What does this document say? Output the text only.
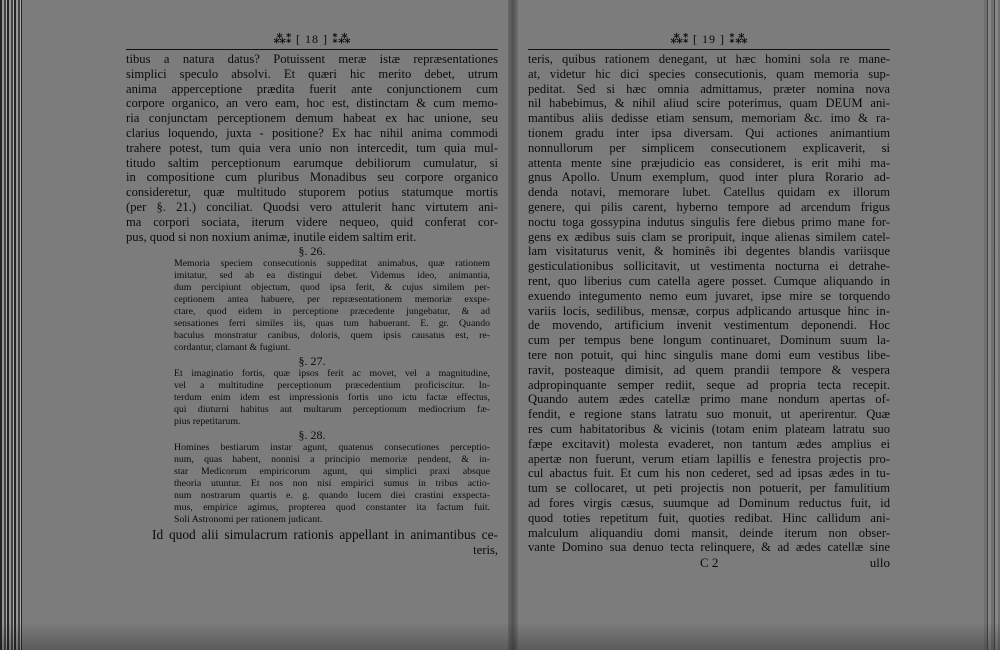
⁂⁑ [ 18 ] ⁑⁂
tibus a natura datus? Potuissent meræ istæ repræsentationes
simplici speculo absolvi. Et quæri hic merito debet, utrum
anima apperceptione prædita fuerit ante conjunctionem cum
corpore organico, an vero eam, hoc est, distinctam & cum memo-
ria conjunctam perceptionem demum habeat ex hac unione, seu
clarius loquendo, juxta - positione? Ex hac nihil anima commodi
trahere potest, tum quia vera unio non intercedit, tum quia mul-
titudo saltim perceptionum earumque debiliorum cumulatur, si
in compositione cum pluribus Monadibus seu corpore organico
consideretur, quæ multitudo stuporem potius statumque mortis
(per §. 21.) conciliat. Quodsi vero attulerit hanc virtutem ani-
ma corpori sociata, iterum videre nequeo, quid conferat cor-
pus, quod si non noxium animæ, inutile eidem saltim erit.
§. 26.
Memoria speciem consecutionis suppeditat animabus, quæ rationem
imitatur, sed ab ea distingui debet. Videmus ideo, animantia,
dum percipiunt objectum, quod ipsa ferit, & cujus similem per-
ceptionem antea habuere, per repræsentationem memoriæ exspe-
ctare, quod eidem in perceptione præcedente jungebatur, & ad
sensationes ferri similes iis, quas tum habuerant. E. gr. Quando
baculus monstratur canibus, doloris, quem ipsis causatus est, re-
cordantur, clamant & fugiunt.
§. 27.
Et imaginatio fortis, quæ ipsos ferit ac movet, vel a magnitudine,
vel a multitudine perceptionum præcedentium proficiscitur. In-
terdum enim idem est impressionis fortis uno ictu factæ effectus,
qui diuturni habitus aut multarum perceptionum mediocrium fæ-
pius repetitarum.
§. 28.
Homines bestiarum instar agunt, quatenus consecutiones perceptio-
num, quas habent, nonnisi a principio memoriæ pendent, & in-
star Medicorum empiricorum agunt, qui simplici praxi absque
theoria utuntur. Et nos non nisi empirici sumus in tribus actio-
num nostrarum quartis e. g. quando lucem diei crastini exspecta-
mus, empirice agimus, propterea quod constanter ita factum fuit.
Soli Astronomi per rationem judicant.
Id quod alii simulacrum rationis appellant in animantibus ce-
teris,
⁂⁑ [ 19 ] ⁑⁂
teris, quibus rationem denegant, ut hæc homini sola re mane-
at, videtur hic dici species consecutionis, quam memoria sup-
peditat. Sed si hæc omnia admittamus, præter nomina nova
nil habebimus, & nihil aliud scire poterimus, quam DEUM ani-
mantibus aliis dedisse etiam sensum, memoriam &c. imo & ra-
tionem gradu inter ipsa diversam. Qui actiones animantium
nonnullorum per simplicem consecutionem explicaverit, si
attenta mente sine præjudicio eas consideret, is erit mihi ma-
gnus Apollo. Unum exemplum, quod inter plura Rorario ad-
denda notavi, memorare lubet. Catellus quidam ex illorum
genere, qui pilis carent, hyberno tempore ad arcendum frigus
noctu toga gossypina indutus singulis fere diebus primo mane for-
gens ex ædibus suis clam se proripuit, inque alienas similem catel-
lam visitaturus venit, & hominês ibi degentes blandis variisque
gesticulationibus sollicitavit, ut vestimenta nocturna ei detrahe-
rent, quo liberius cum catella agere posset. Cumque aliquando in
exuendo integumento nemo eum juvaret, ipse mire se torquendo
variis locis, sedilibus, mensæ, corpus adplicando artusque hinc in-
de movendo, artificium invenit vestimentum deponendi. Hoc
cum per tempus bene longum continuaret, Dominum suum la-
tere non potuit, qui hinc singulis mane domi eum vestibus libe-
ravit, posteaque dimisit, ad quem prandii tempore & vespera
adpropinquante semper rediit, seque ad propria tecta recepit.
Quando autem ædes catellæ primo mane nondum apertas of-
fendit, e regione stans latratu suo monuit, ut aperirentur. Quæ
res cum habitatoribus & vicinis (totam enim plateam latratu suo
fæpe excitavit) molesta evaderet, non tantum ædes amplius ei
apertæ non fuerunt, verum etiam lapillis e fenestra projectis pro-
cul abactus fuit. Et cum his non cederet, sed ad ipsas ædes in tu-
tum se collocaret, ut peti projectis non potuerit, per famulitium
ad fores virgis cæsus, suumque ad Dominum reductus fuit, id
quod toties repetitum fuit, quoties redibat. Hinc callidum ani-
malculum aliquandiu domi mansit, deinde iterum non obser-
vante Domino sua denuo tecta relinquere, & ad ædes catellæ sine
C 2	ullo
